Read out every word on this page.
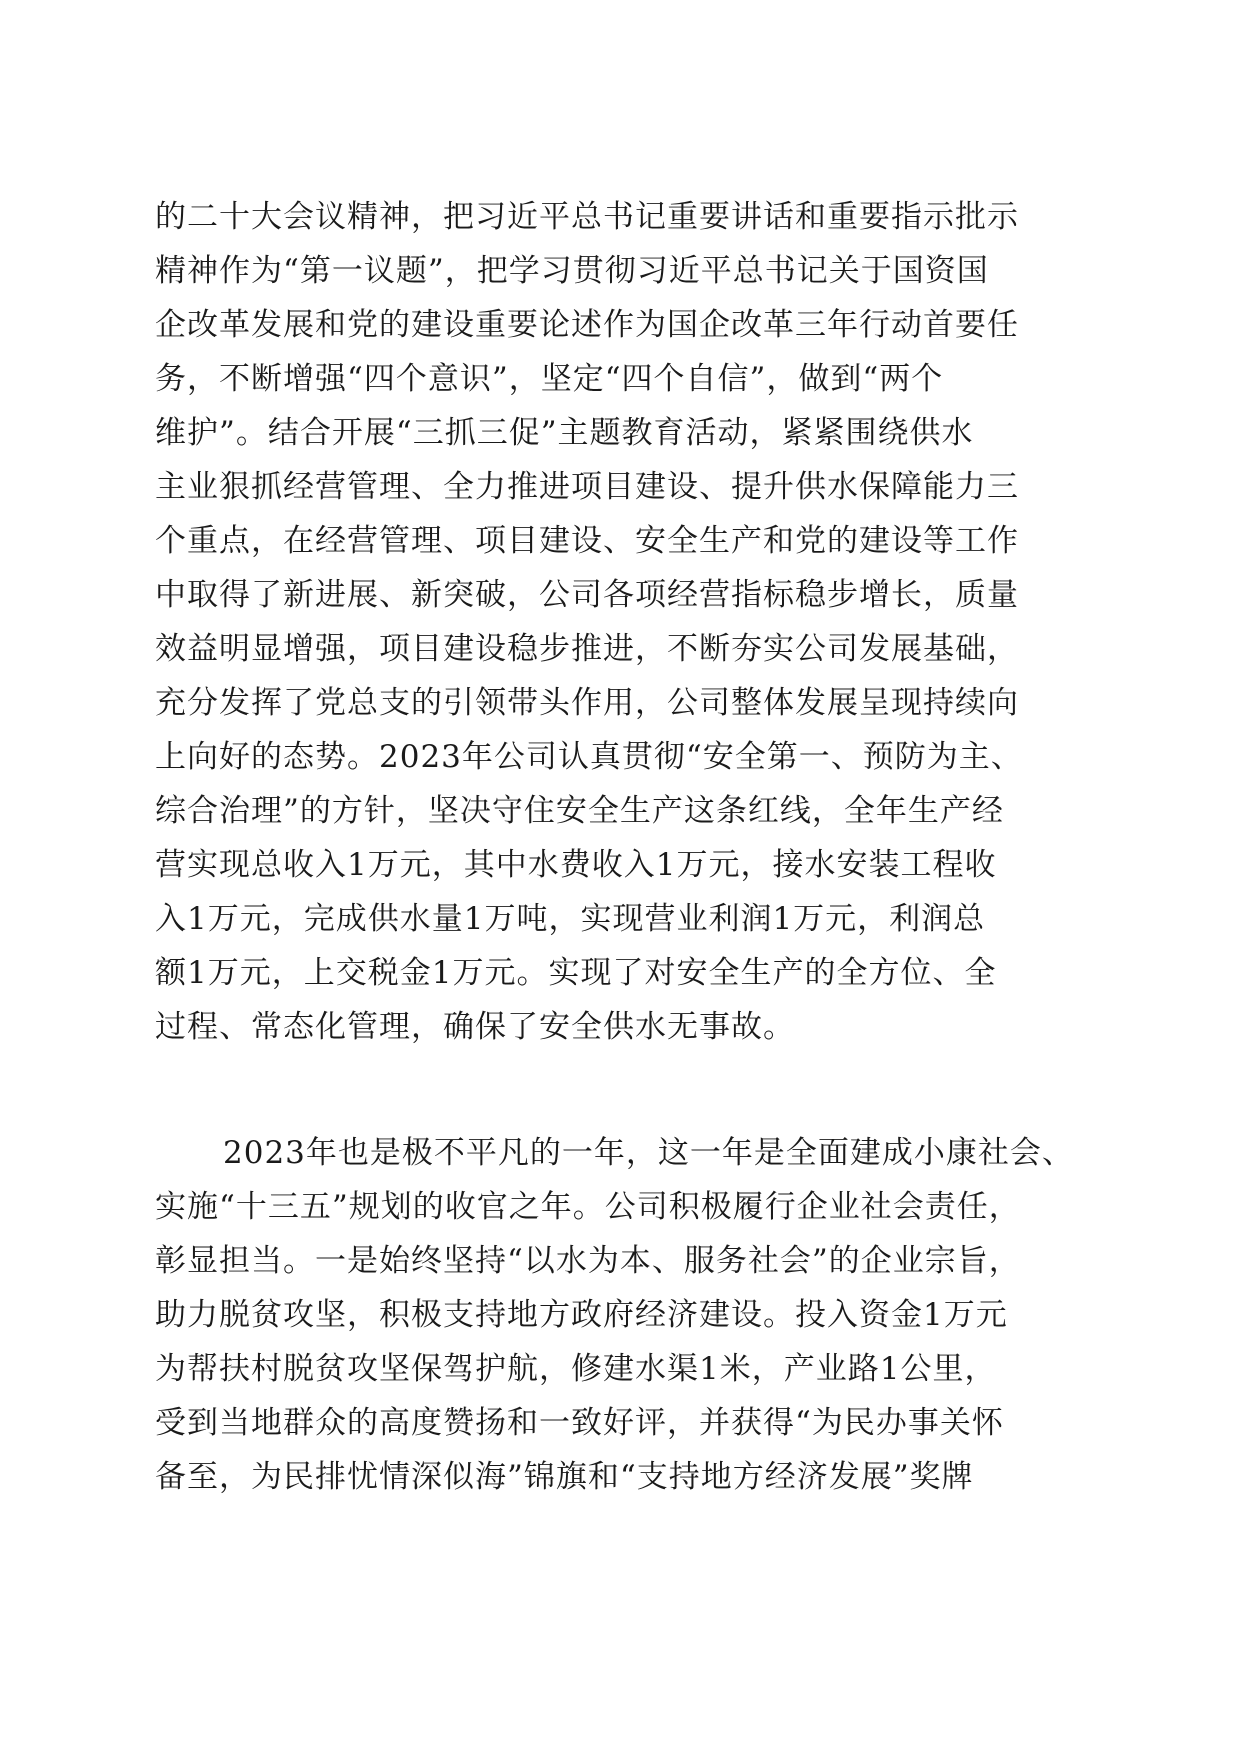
的二十大会议精神，把习近平总书记重要讲话和重要指示批示
精神作为“第一议题”，把学习贯彻习近平总书记关于国资国
企改革发展和党的建设重要论述作为国企改革三年行动首要任
务，不断增强“四个意识”，坚定“四个自信”，做到“两个
维护”。结合开展“三抓三促”主题教育活动，紧紧围绕供水
主业狠抓经营管理、全力推进项目建设、提升供水保障能力三
个重点，在经营管理、项目建设、安全生产和党的建设等工作
中取得了新进展、新突破，公司各项经营指标稳步增长，质量
效益明显增强，项目建设稳步推进，不断夯实公司发展基础，
充分发挥了党总支的引领带头作用，公司整体发展呈现持续向
上向好的态势。2023年公司认真贯彻“安全第一、预防为主、
综合治理”的方针，坚决守住安全生产这条红线，全年生产经
营实现总收入1万元，其中水费收入1万元，接水安装工程收
入1万元，完成供水量1万吨，实现营业利润1万元，利润总
额1万元，上交税金1万元。实现了对安全生产的全方位、全
过程、常态化管理，确保了安全供水无事故。
2023年也是极不平凡的一年，这一年是全面建成小康社会、
实施“十三五”规划的收官之年。公司积极履行企业社会责任，
彰显担当。一是始终坚持“以水为本、服务社会”的企业宗旨，
助力脱贫攻坚，积极支持地方政府经济建设。投入资金1万元
为帮扶村脱贫攻坚保驾护航，修建水渠1米，产业路1公里，
受到当地群众的高度赞扬和一致好评，并获得“为民办事关怀
备至，为民排忧情深似海”锦旗和“支持地方经济发展”奖牌
